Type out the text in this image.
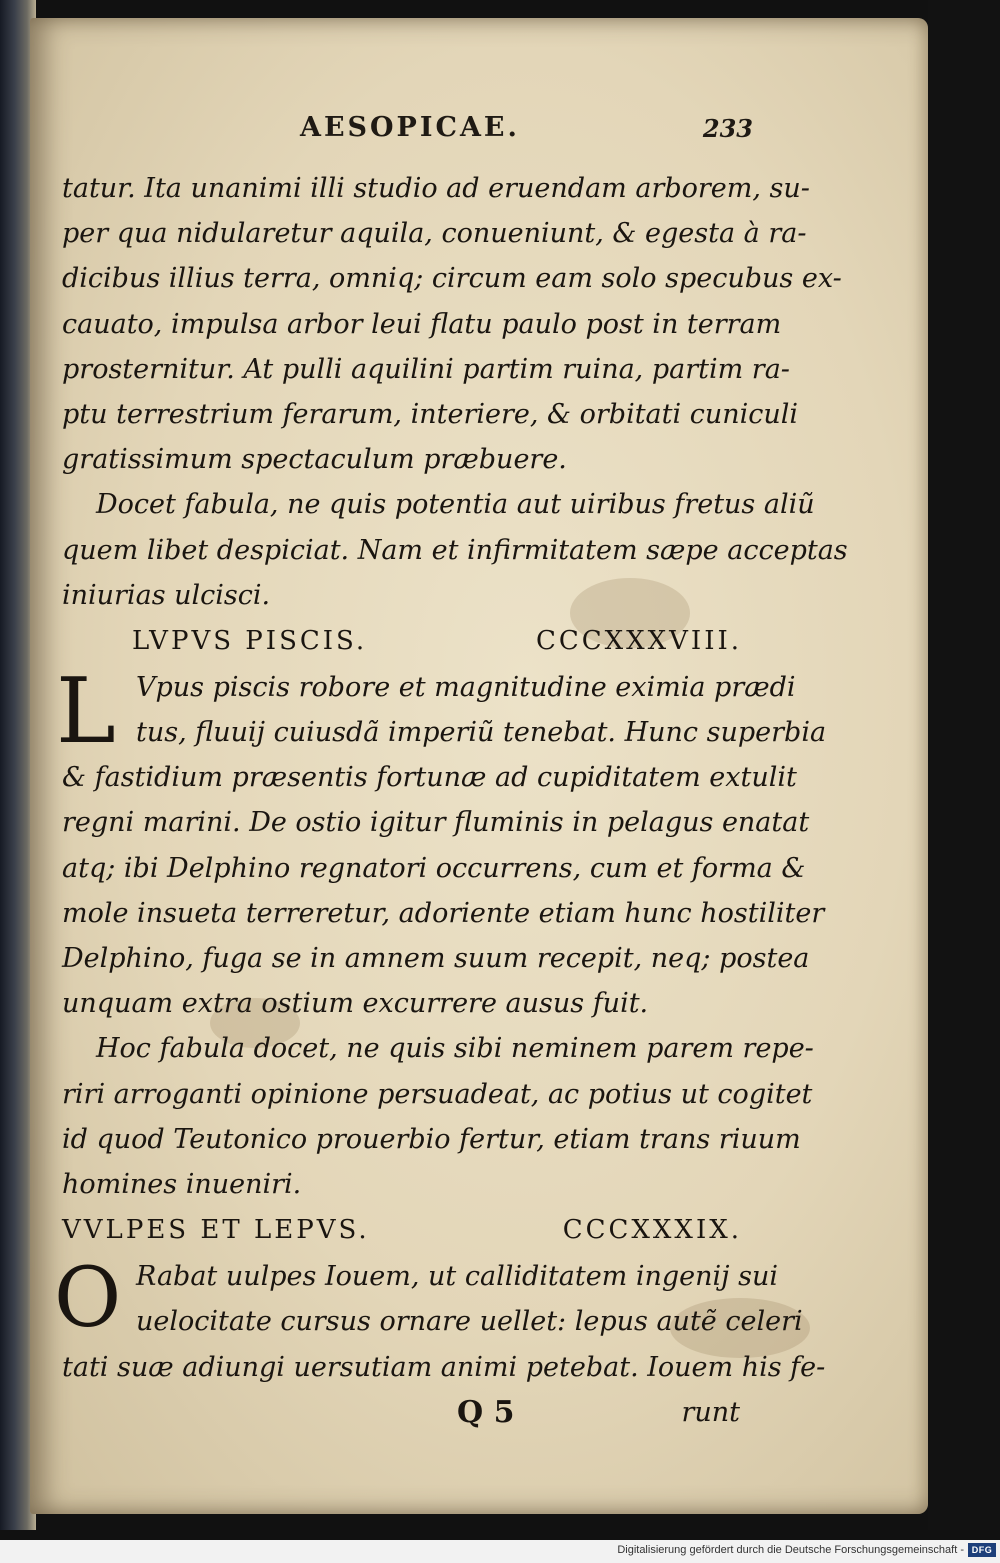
AESOPICAE.	233
tatur. Ita unanimi illi studio ad eruendam arborem, su-
per qua nidularetur aquila, conueniunt, & egesta à ra-
dicibus illius terra, omniq; circum eam solo specubus ex-
cauato, impulsa arbor leui flatu paulo post in terram
prosternitur. At pulli aquilini partim ruina, partim ra-
ptu terrestrium ferarum, interiere, & orbitati cuniculi
gratissimum spectaculum præbuere.
Docet fabula, ne quis potentia aut uiribus fretus aliũ
quem libet despiciat. Nam et infirmitatem sæpe acceptas
iniurias ulcisci.
LVPVS PISCIS.	CCCXXXVIII.
L Vpus piscis robore et magnitudine eximia prædi
tus, fluuij cuiusdã imperiũ tenebat. Hunc superbia
& fastidium præsentis fortunæ ad cupiditatem extulit
regni marini. De ostio igitur fluminis in pelagus enatat
atq; ibi Delphino regnatori occurrens, cum et forma &
mole insueta terreretur, adoriente etiam hunc hostiliter
Delphino, fuga se in amnem suum recepit, neq; postea
unquam extra ostium excurrere ausus fuit.
Hoc fabula docet, ne quis sibi neminem parem repe-
riri arroganti opinione persuadeat, ac potius ut cogitet
id quod Teutonico prouerbio fertur, etiam trans riuum
homines inueniri.
VVLPES ET LEPVS.	CCCXXXIX.
O Rabat uulpes Iouem, ut calliditatem ingenij sui
uelocitate cursus ornare uellet: lepus autẽ celeri
tati suæ adiungi uersutiam animi petebat. Iouem his fe-
Q 5	runt
Digitalisierung gefördert durch die Deutsche Forschungsgemeinschaft - DFG
